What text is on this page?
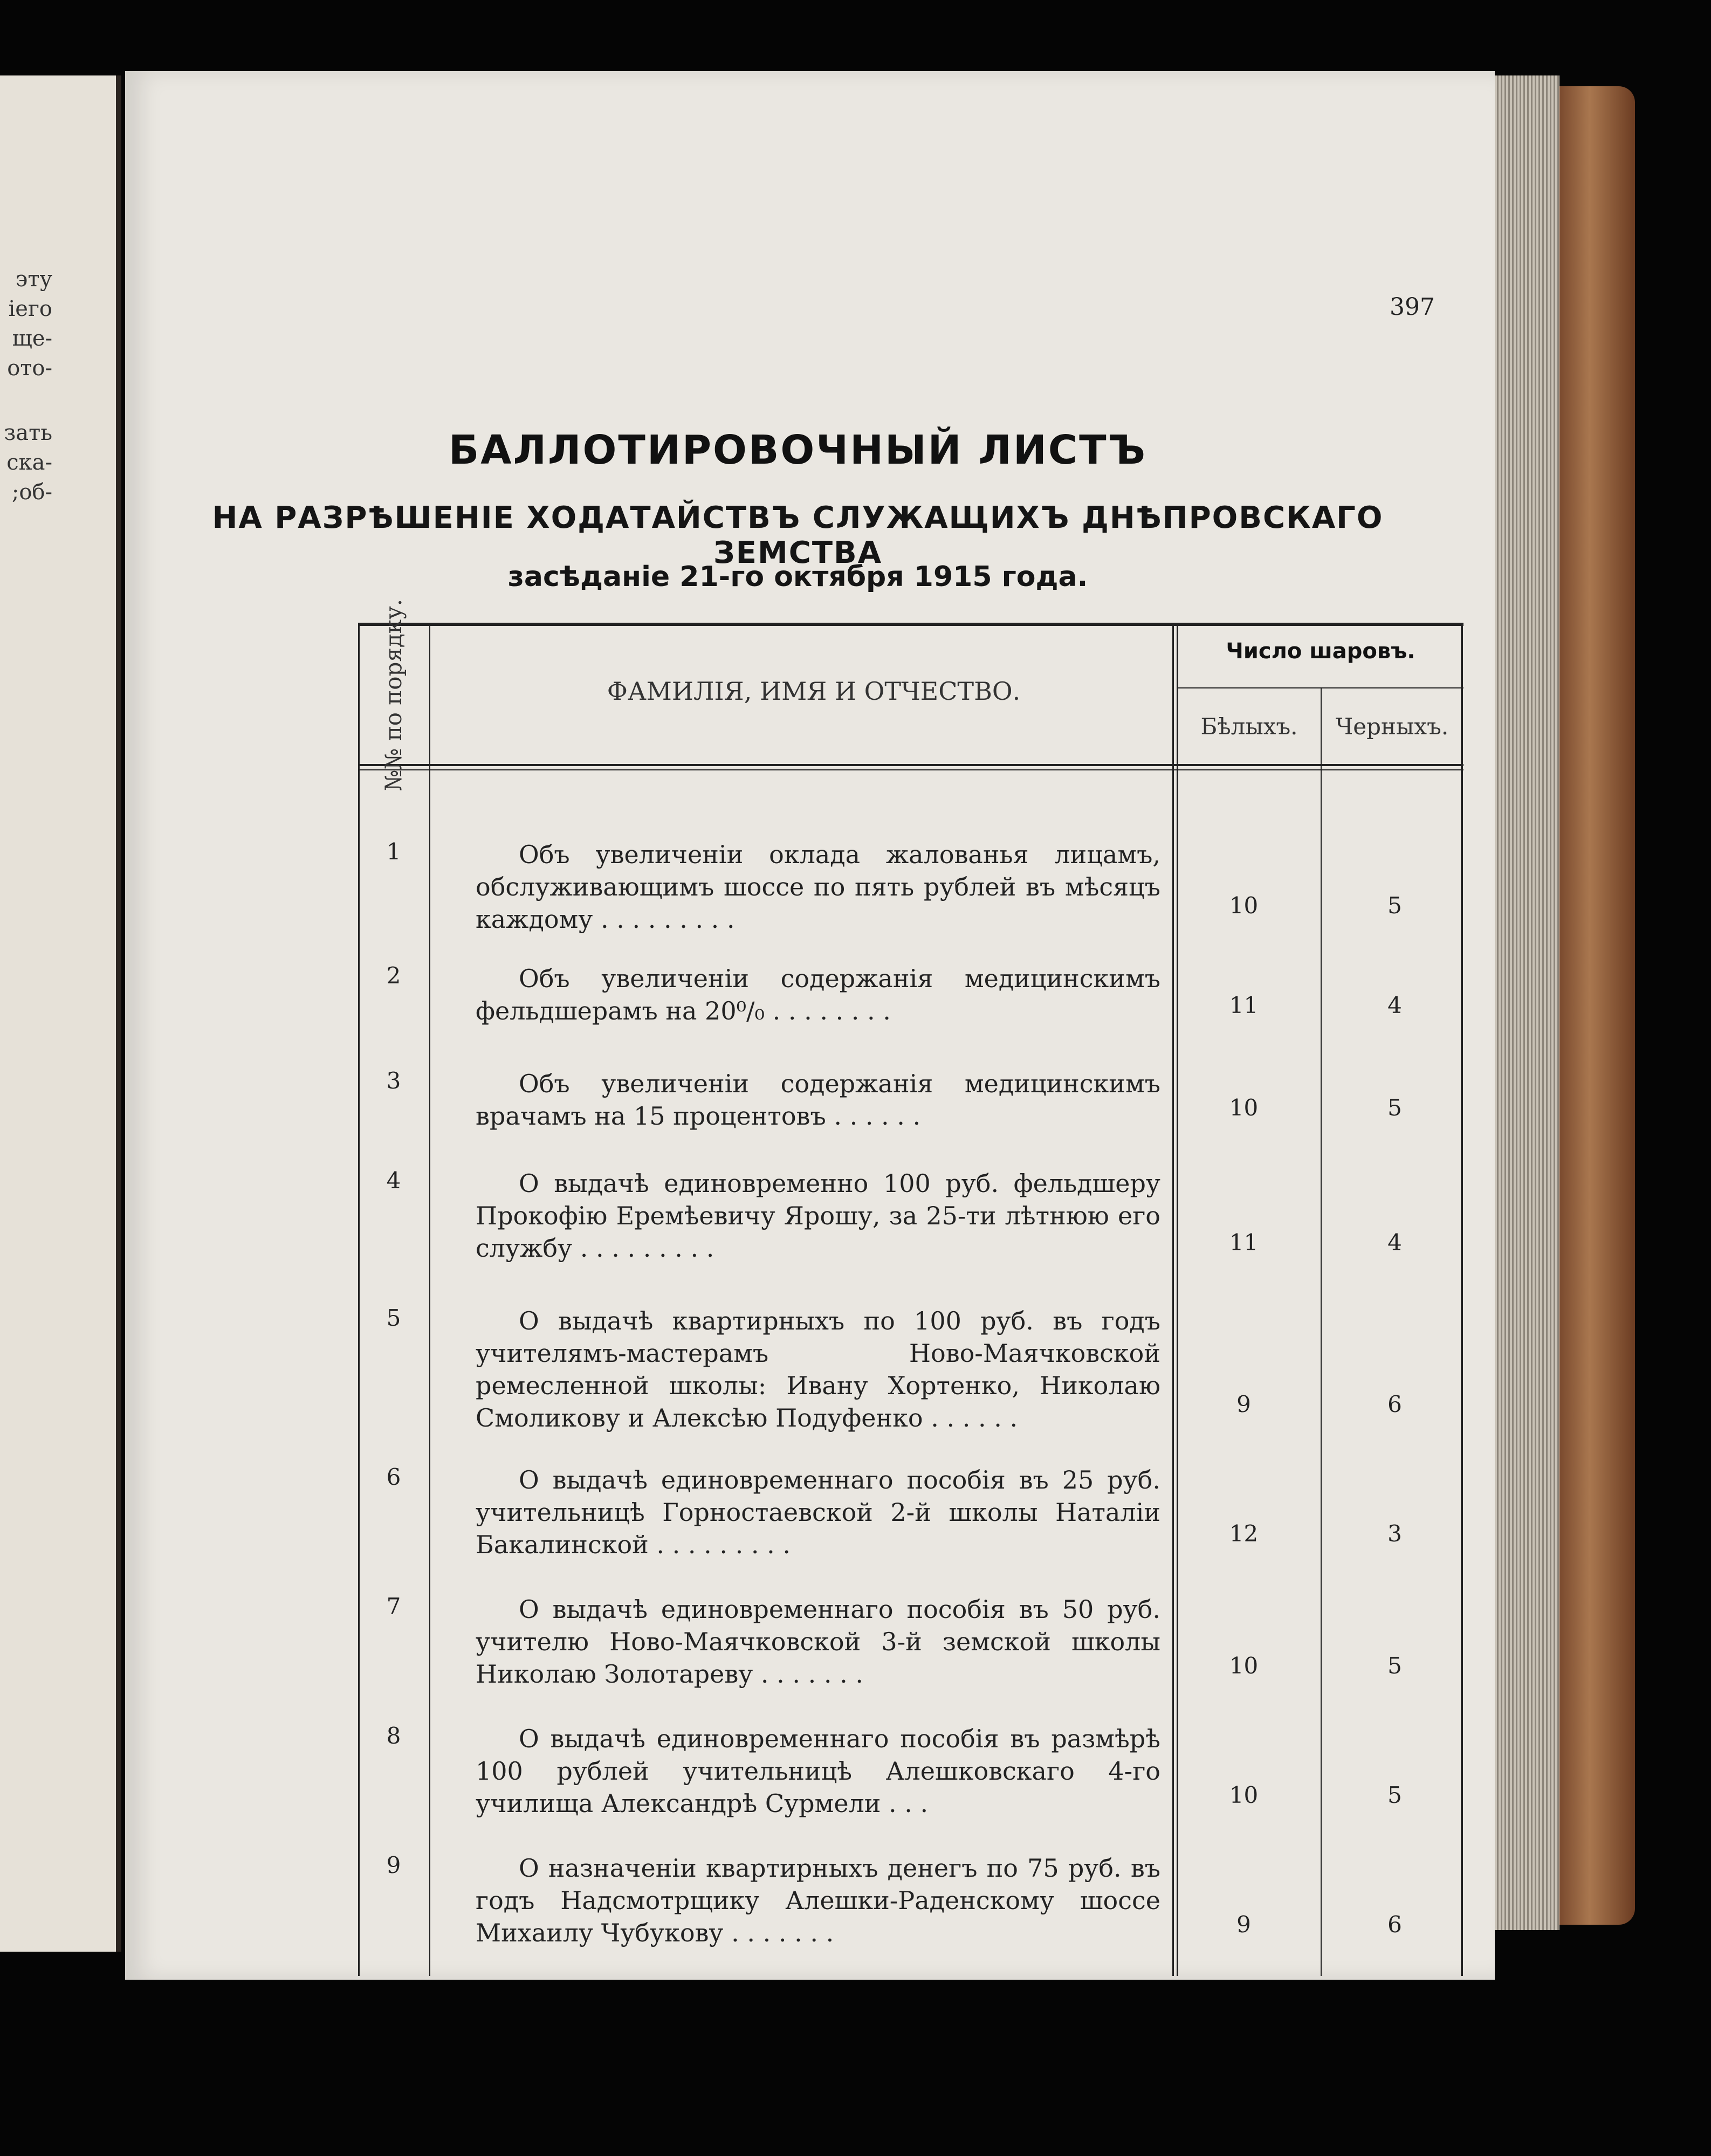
эту
іего
ще-
ото-
зать
ска-
;об-
397
БАЛЛОТИРОВОЧНЫЙ ЛИСТЪ
НА РАЗРѢШЕНІЕ ХОДАТАЙСТВЪ СЛУЖАЩИХЪ ДНѢПРОВСКАГО ЗЕМСТВА
засѣданіе 21-го октября 1915 года.
№№ по порядку.	ФАМИЛІЯ, ИМЯ И ОТЧЕСТВО.
Число шаровъ.
Бѣлыхъ.	Черныхъ.
1	Объ увеличеніи оклада жалованья лицамъ, обслуживающимъ шоссе по пять рублей въ мѣсяцъ каждому . . . . . . . . .	10	5
2	Объ увеличеніи содержанія медицинскимъ фельдшерамъ на 20⁰/₀ . . . . . . . .	11	4
3	Объ увеличеніи содержанія медицинскимъ врачамъ на 15 процентовъ . . . . . .	10	5
4	О выдачѣ единовременно 100 руб. фельдшеру Прокофію Еремѣевичу Ярошу, за 25-ти лѣтнюю его службу . . . . . . . . .	11	4
5	О выдачѣ квартирныхъ по 100 руб. въ годъ учителямъ-мастерамъ Ново-Маячковской ремесленной школы: Ивану Хортенко, Николаю Смоликову и Алексѣю Подуфенко . . . . . .	9	6
6	О выдачѣ единовременнаго пособія въ 25 руб. учительницѣ Горностаевской 2-й школы Наталіи Бакалинской . . . . . . . . .	12	3
7	О выдачѣ единовременнаго пособія въ 50 руб. учителю Ново-Маячковской 3-й земской школы Николаю Золотареву . . . . . . .	10	5
8	О выдачѣ единовременнаго пособія въ размѣрѣ 100 рублей учительницѣ Алешковскаго 4-го училища Александрѣ Сурмели . . .	10	5
9	О назначеніи квартирныхъ денегъ по 75 руб. въ годъ Надсмотрщику Алешки-Раденскому шоссе Михаилу Чубукову . . . . . . .	9	6
